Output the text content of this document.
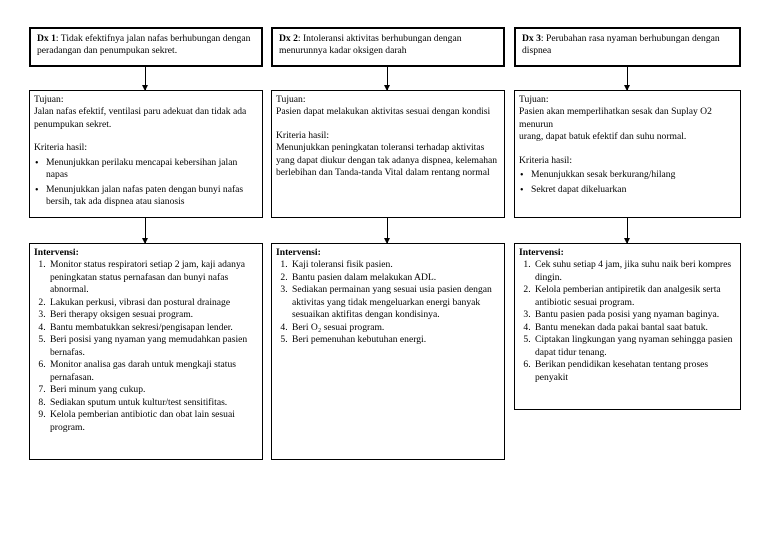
Dx 1: Tidak efektifnya jalan nafas berhubungan dengan peradangan dan penumpukan sekret.
Tujuan:
Jalan nafas efektif, ventilasi paru adekuat dan tidak ada penumpukan sekret.
Kriteria hasil:
• Menunjukkan perilaku mencapai kebersihan jalan napas
• Menunjukkan jalan nafas paten dengan bunyi nafas bersih, tak ada dispnea atau sianosis
Intervensi:
1. Monitor status respiratori setiap 2 jam, kaji adanya peningkatan status pernafasan dan bunyi nafas abnormal.
2. Lakukan perkusi, vibrasi dan postural drainage
3. Beri therapy oksigen sesuai program.
4. Bantu membatukkan sekresi/pengisapan lender.
5. Beri posisi yang nyaman yang memudahkan pasien bernafas.
6. Monitor analisa gas darah untuk mengkaji status pernafasan.
7. Beri minum yang cukup.
8. Sediakan sputum untuk kultur/test sensitifitas.
9. Kelola pemberian antibiotic dan obat lain sesuai program.
Dx 2: Intoleransi aktivitas berhubungan dengan menurunnya kadar oksigen darah
Tujuan:
Pasien dapat melakukan aktivitas sesuai dengan kondisi
Kriteria hasil:
Menunjukkan peningkatan toleransi terhadap aktivitas yang dapat diukur dengan tak adanya dispnea, kelemahan berlebihan dan Tanda-tanda Vital dalam rentang normal
Intervensi:
1. Kaji toleransi fisik pasien.
2. Bantu pasien dalam melakukan ADL.
3. Sediakan permainan yang sesuai usia pasien dengan aktivitas yang tidak mengeluarkan energi banyak sesuaikan aktifitas dengan kondisinya.
4. Beri O₂ sesuai program.
5. Beri pemenuhan kebutuhan energi.
Dx 3: Perubahan rasa nyaman berhubungan dengan dispnea
Tujuan:
Pasien akan memperlihatkan sesak dan Suplay O2 menurun
urang, dapat batuk efektif dan suhu normal.
Kriteria hasil:
• Menunjukkan sesak berkurang/hilang
• Sekret dapat dikeluarkan
Intervensi:
1. Cek suhu setiap 4 jam, jika suhu naik beri kompres dingin.
2. Kelola pemberian antipiretik dan analgesik serta antibiotic sesuai program.
3. Bantu pasien pada posisi yang nyaman baginya.
4. Bantu menekan dada pakai bantal saat batuk.
5. Ciptakan lingkungan yang nyaman sehingga pasien dapat tidur tenang.
6. Berikan pendidikan kesehatan tentang proses penyakit
